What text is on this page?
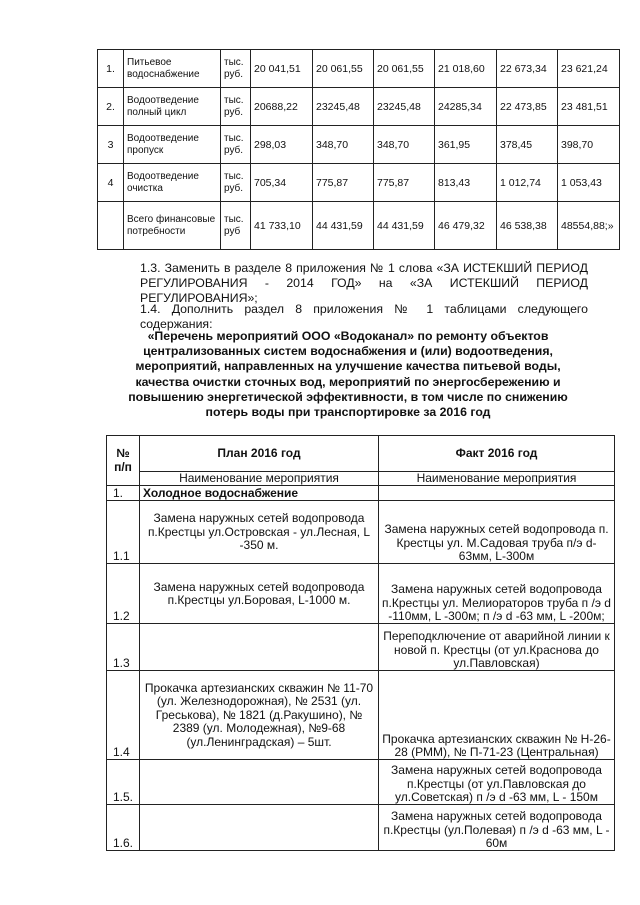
1.	Питьевое водоснабжение	тыс. руб.	20 041,51	20 061,55	20 061,55	21 018,60	22 673,34	23 621,24
2.	Водоотведение полный цикл	тыс. руб.	20688,22	23245,48	23245,48	24285,34	22 473,85	23 481,51
3	Водоотведение пропуск	тыс. руб.	298,03	348,70	348,70	361,95	378,45	398,70
4	Водоотведение очистка	тыс. руб.	705,34	775,87	775,87	813,43	1 012,74	1 053,43
	Всего финансовые потребности	тыс. руб	41 733,10	44 431,59	44 431,59	46 479,32	46 538,38	48554,88;»
1.3. Заменить в разделе 8 приложения № 1 слова «ЗА ИСТЕКШИЙ ПЕРИОД РЕГУЛИРОВАНИЯ - 2014 ГОД» на «ЗА ИСТЕКШИЙ ПЕРИОД РЕГУЛИРОВАНИЯ»;
1.4. Дополнить раздел 8 приложения № 1 таблицами следующего содержания:
«Перечень мероприятий ООО «Водоканал» по ремонту объектов централизованных систем водоснабжения и (или) водоотведения, мероприятий, направленных на улучшение качества питьевой воды, качества очистки сточных вод, мероприятий по энергосбережению и повышению энергетической эффективности, в том числе по снижению потерь воды при транспортировке за 2016 год
№ п/п	План 2016 год	Факт 2016 год
	Наименование мероприятия	Наименование мероприятия
1.	Холодное водоснабжение	
1.1	Замена наружных сетей водопровода п.Крестцы ул.Островская - ул.Лесная, L -350 м.	Замена наружных сетей водопровода п. Крестцы ул. М.Садовая труба п/э d-63мм, L-300м
1.2	Замена наружных сетей водопровода п.Крестцы ул.Боровая, L-1000 м.	Замена наружных сетей водопровода п.Крестцы ул. Мелиораторов труба п /э d -110мм, L -300м; п /э d -63 мм, L -200м;
1.3		Переподключение от аварийной линии к новой п. Крестцы (от ул.Краснова до ул.Павловская)
1.4	Прокачка артезианских скважин № 11-70 (ул. Железнодорожная), № 2531 (ул. Греськова), № 1821 (д.Ракушино), № 2389 (ул. Молодежная), №9-68 (ул.Ленинградская) – 5шт.	Прокачка артезианских скважин № Н-26-28 (РММ), № П-71-23 (Центральная)
1.5.		Замена наружных сетей водопровода п.Крестцы (от ул.Павловская до ул.Советская) п /э d -63 мм, L - 150м
1.6.		Замена наружных сетей водопровода п.Крестцы (ул.Полевая) п /э d -63 мм, L - 60м
